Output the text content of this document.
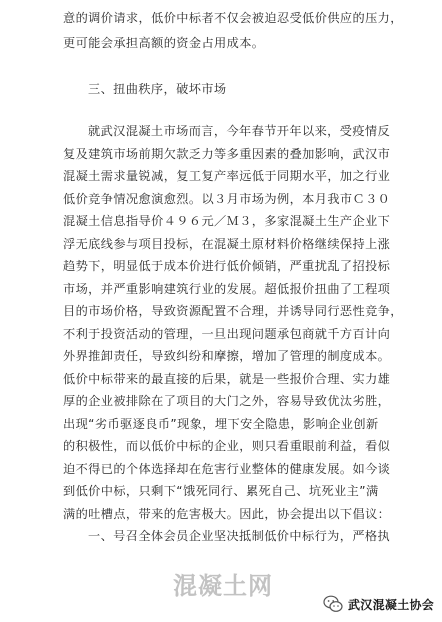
意的调价请求，低价中标者不仅会被迫忍受低价供应的压力，
更可能会承担高额的资金占用成本。
三、扭曲秩序，破坏市场
就武汉混凝土市场而言，今年春节开年以来，受疫情反
复及建筑市场前期欠款乏力等多重因素的叠加影响，武汉市
混凝土需求量锐减，复工复产率远低于同期水平，加之行业
低价竞争情况愈演愈烈。以３月市场为例，本月我市Ｃ３０
混凝土信息指导价４９６元／Ｍ３，多家混凝土生产企业下
浮无底线参与项目投标，在混凝土原材料价格继续保持上涨
趋势下，明显低于成本价进行低价倾销，严重扰乱了招投标
市场，并严重影响建筑行业的发展。超低报价扭曲了工程项
目的市场价格，导致资源配置不合理，并诱导同行恶性竞争，
不利于投资活动的管理，一旦出现问题承包商就千方百计向
外界推卸责任，导致纠纷和摩擦，增加了管理的制度成本。
低价中标带来的最直接的后果，就是一些报价合理、实力雄
厚的企业被排除在了项目的大门之外，容易导致优汰劣胜，
出现“劣币驱逐良币”现象，埋下安全隐患，影响企业创新
的积极性，而以低价中标的企业，则只看重眼前利益，看似
迫不得已的个体选择却在危害行业整体的健康发展。如今谈
到低价中标，只剩下“饿死同行、累死自己、坑死业主”满
满的吐槽点，带来的危害极大。因此，协会提出以下倡议：
一、号召全体会员企业坚决抵制低价中标行为，严格执
混凝土网
武汉混凝土协会
